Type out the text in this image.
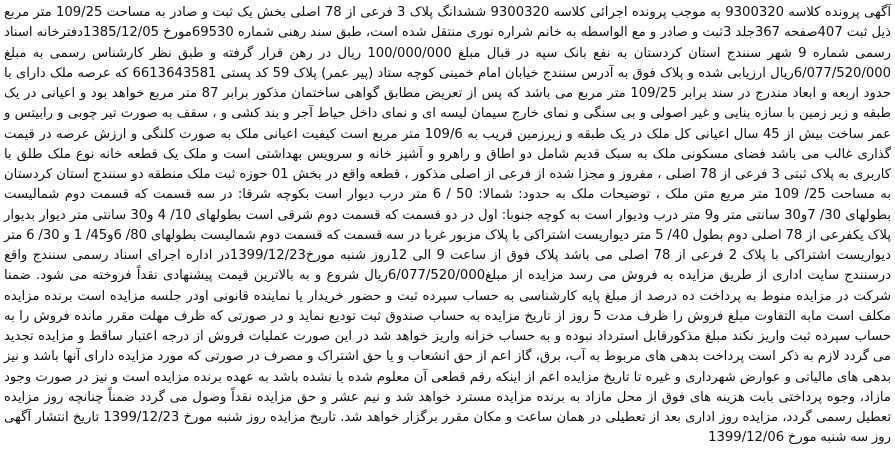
آگهی پرونده کلاسه 9300320 به موجب پرونده اجرائی کلاسه 9300320 ششدانگ پلاک 3 فرعی از 78 اصلی بخش یک ثبت و صادر به مساحت 109/25 متر مربع ذیل ثبت 407صفحه 367جلد 3ثبت و صادر و مع الواسطه به خانم شراره نوری منتقل شده است، طبق سند رهنی شماره 69530مورخ 1385/12/05دفترخانه اسناد رسمی شماره 9 شهر سنندج استان کردستان به نفع بانک سپه در قبال مبلغ 100/000/000 ریال در رهن قرار گرفته و طبق نظر کارشناس رسمی به مبلغ 6/077/520/000ریال ارزیابی شده و پلاک فوق به آدرس سنندج خیابان امام خمینی کوچه ستاد (پیر عمر) پلاک 59 کد پستی 6613643581 که عرصه ملک دارای با حدود اربعه و ابعاد مندرج در سند برابر 109/25 متر مربع می باشد که پس از تعریض مطابق گواهی ساختمان مذکور برابر 87 متر مربع خواهد بود و اعیانی در یک طبقه و زیر زمین با سازه بنایی و غیر اصولی و بی سنگی و نمای خارج سیمان لیسه ای و نمای داخل حیاط آجر و بند کشی و ، سقف به صورت تیر چوبی و رابیتس و عمر ساخت بیش از 45 سال اعیانی کل ملک در یک طبقه و زیرزمین قریب به 109/6 متر مربع است کیفیت اعیانی ملک به صورت کلنگی و ارزش عرصه در قیمت گذاری غالب می باشد فضای مسکونی ملک به سبک قدیم شامل دو اطاق و راهرو و آشپز خانه و سرویس بهداشتی است و ملک یک قطعه خانه نوع ملک طلق با کاربری به پلاک ثبتی 3 فرعی از 78 اصلی ، مفروز و مجزا شده از فرعی از اصلی مذکور ، قطعه واقع در بخش 01 حوزه ثبت ملک منطقه دو سنندج استان کردستان به مساحت 25/ 109 متر مربع متن ملک ، توضیحات ملک به حدود: شمالا: 50 / 6 متر درب دیوار است بکوچه شرقا: در سه قسمت که قسمت دوم شمالیست بطولهای 30/ 7و30 سانتی متر و9 متر درب ودیوار است به کوچه جنوبا: اول در دو قسمت که قسمت دوم شرقی است بطولهای 10/ 4 و30 سانتی متر دیوار بدیوار پلاک یکفرعی از 78 اصلی دوم بطول 40/ 5 متر دیواریست اشتراکی با پلاک مزبور غربا در سه قسمت که قسمت دوم شمالیست بطولهای 80/ 6و45/ 1 و 30/ 6 متر دیواریست اشتراکی با پلاک 2 فرعی از 78 اصلی می باشد پلاک فوق از ساعت 9 الی 12روز شنبه مورخ1399/12/23در اداره اجرای اسناد رسمی سنندج واقع درسنندج سایت اداری از طریق مزایده به فروش می رسد مزایده از مبلغ6/077/520/000ریال شروع و به بالاترین قیمت پیشنهادی نقداً فروخته می شود. ضمنا شرکت در مزایده منوط به پرداخت ده درصد از مبلغ پایه کارشناسی به حساب سپرده ثبت و حضور خریدار یا نماینده قانونی اودر جلسه مزایده است برنده مزایده مکلف است مابه التفاوت مبلغ فروش را ظرف مدت 5 روز از تاریخ مزایده به حساب صندوق ثبت تودیع نماید و در صورتی که ظرف مهلت مقرر مانده فروش را به حساب سپرده ثبت واریز نکند مبلغ مذکورقابل استرداد نبوده و به حساب خزانه واریز خواهد شد در این صورت عملیات فروش از درجه اعتبار ساقط و مزایده تجدید می گردد لازم به ذکر است پرداخت بدهی های مربوط به آب، برق، گاز اعم از حق انشعاب و یا حق اشتراک و مصرف در صورتی که مورد مزایده دارای آنها باشد و نیز بدهی های مالیاتی و عوارض شهرداری و غیره تا تاریخ مزایده اعم از اینکه رقم قطعی آن معلوم شده یا نشده باشد به عهده برنده مزایده است و نیز در صورت وجود مازاد، وجوه پرداختی بابت هزینه های فوق از محل مازاد به برنده مزایده مسترد خواهد شد و نیم عشر و حق مزایده نقداً وصول می گردد ضمناً چنانچه روز مزایده تعطیل رسمی گردد، مزایده روز اداری بعد از تعطیلی در همان ساعت و مکان مقرر برگزار خواهد شد. تاریخ مزایده روز شنبه مورخ 1399/12/23 تاریخ انتشار آگهی روز سه شنبه مورخ 1399/12/06
